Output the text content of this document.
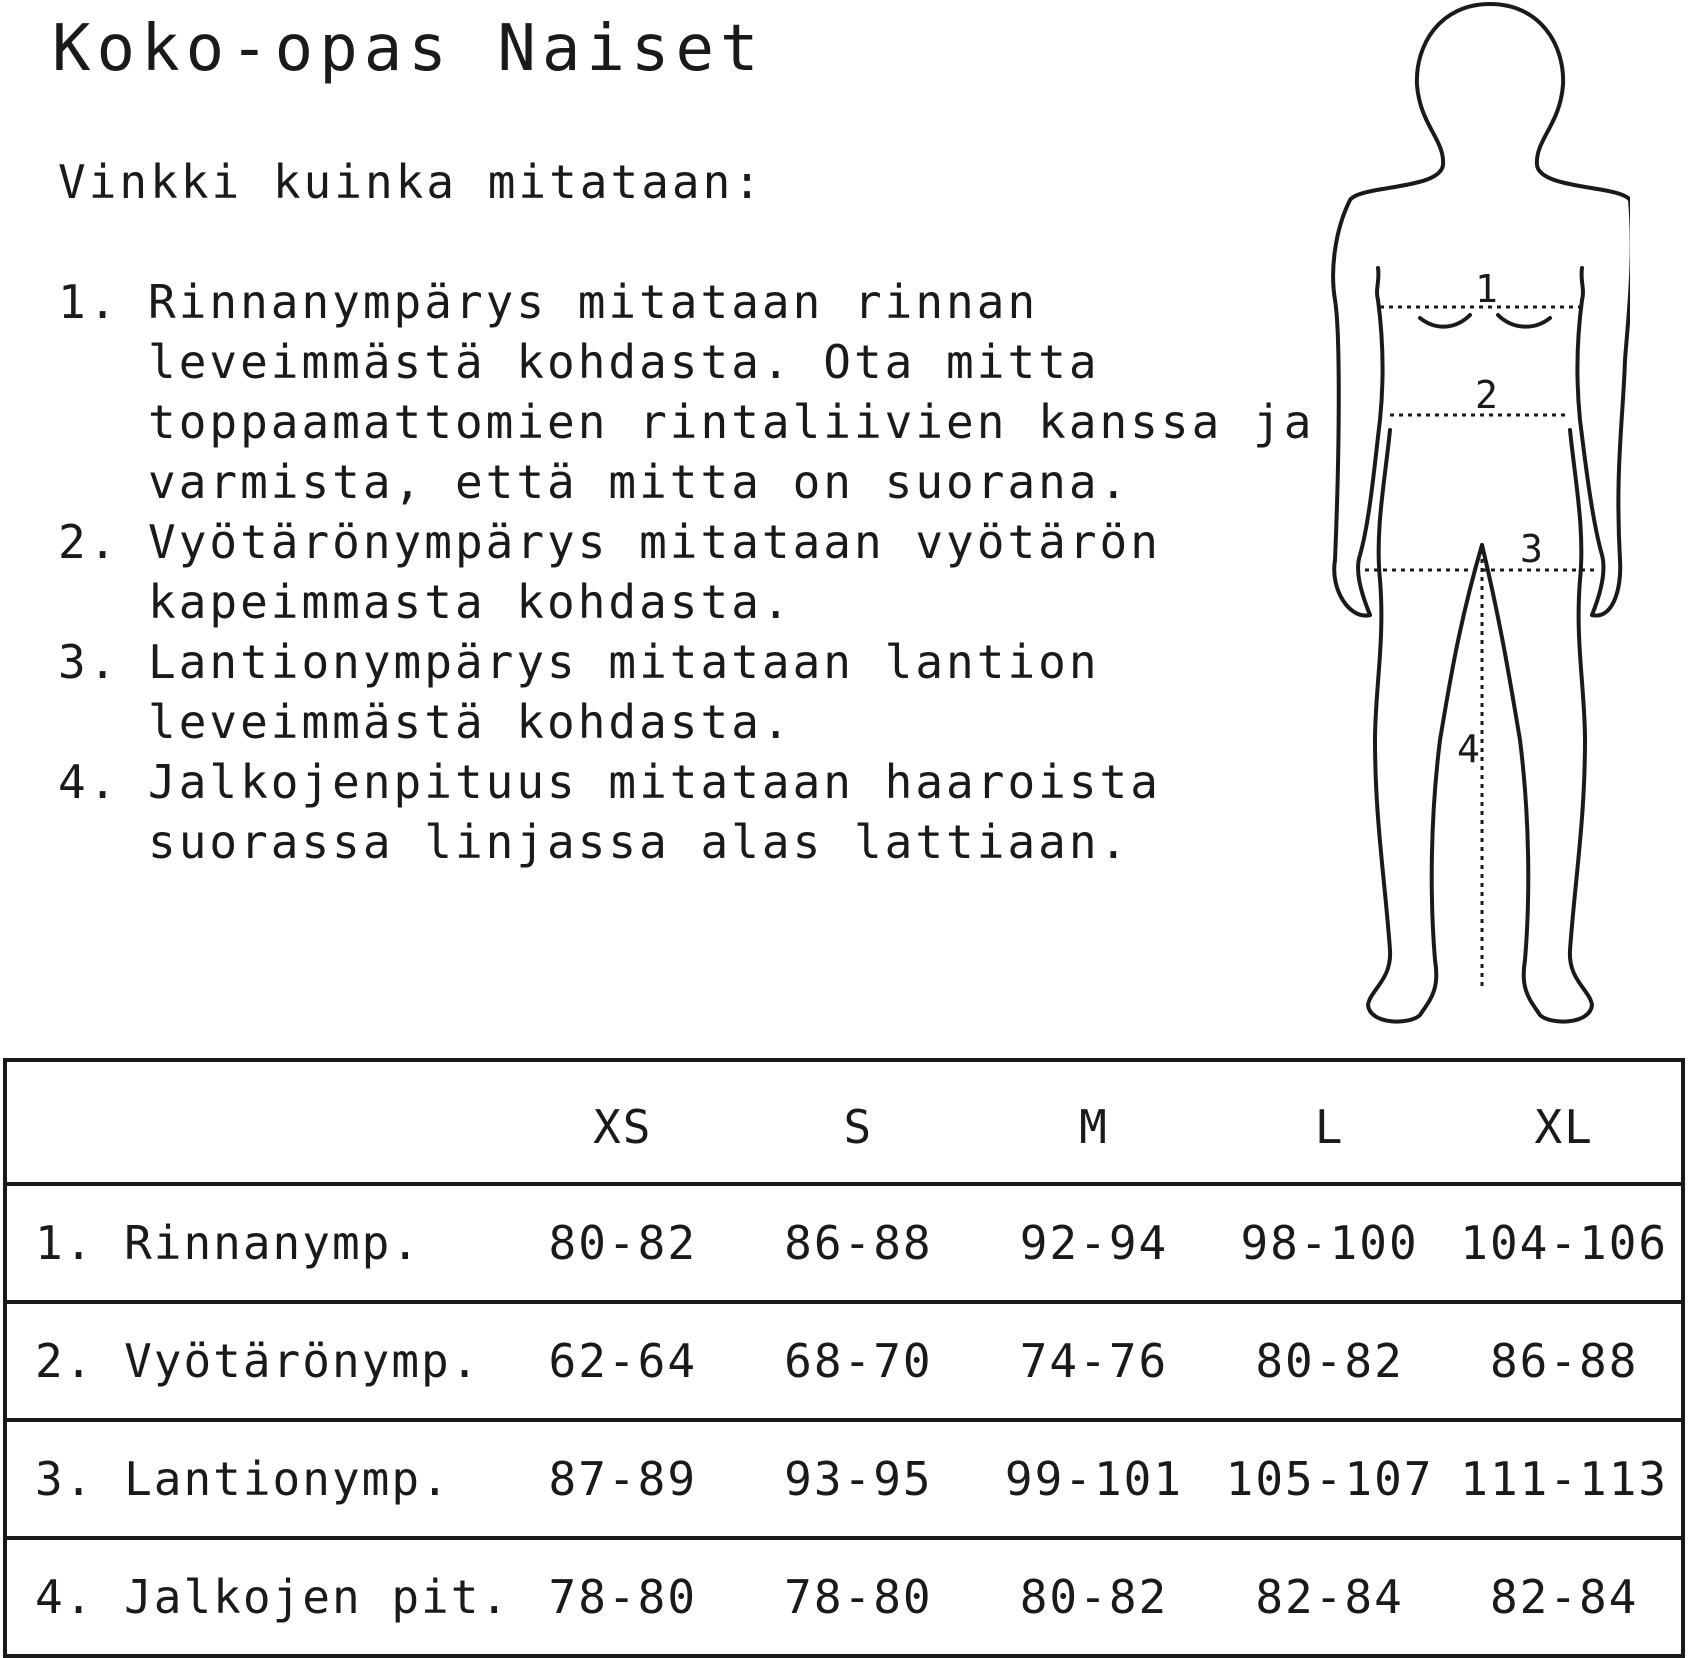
Koko-opas Naiset
Vinkki kuinka mitataan:
1. Rinnanympärys mitataan rinnan leveimmästä kohdasta. Ota mitta toppaamattomien rintaliivien kanssa ja varmista, että mitta on suorana.
2. Vyötärönympärys mitataan vyötärön kapeimmasta kohdasta.
3. Lantionympärys mitataan lantion leveimmästä kohdasta.
4. Jalkojenpituus mitataan haaroista suorassa linjassa alas lattiaan.
1
2
3
4
	XS	S	M	L	XL
1. Rinnanymp.	80-82	86-88	92-94	98-100	104-106
2. Vyötärönymp.	62-64	68-70	74-76	80-82	86-88
3. Lantionymp.	87-89	93-95	99-101	105-107	111-113
4. Jalkojen pit.	78-80	78-80	80-82	82-84	82-84
